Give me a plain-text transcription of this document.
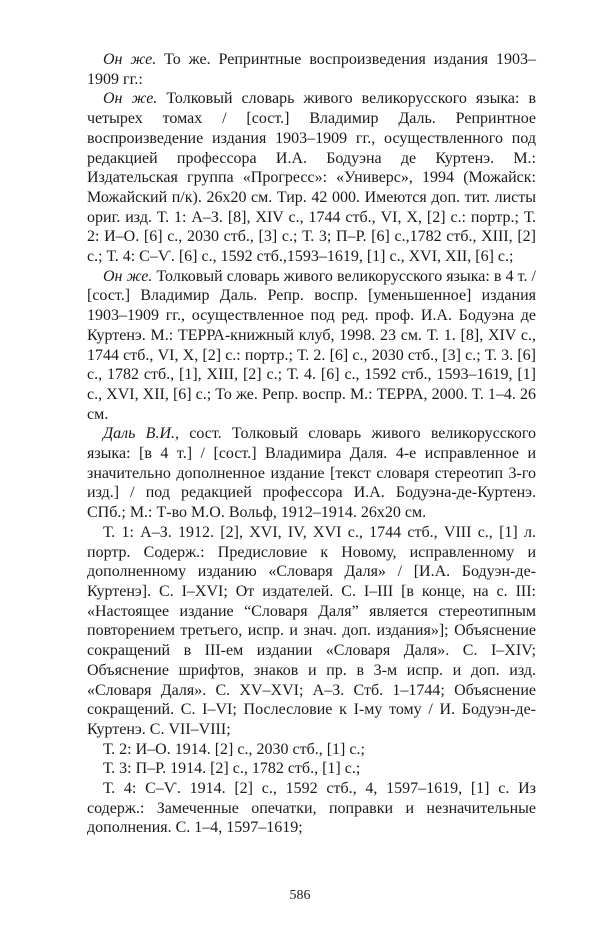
Он же. То же. Репринтные воспроизведения издания 1903–1909 гг.:

Он же. Толковый словарь живого великорусского языка: в четырех томах / [сост.] Владимир Даль. Репринтное воспроизведение издания 1903–1909 гг., осуществленного под редакцией профессора И.А. Бодуэна де Куртенэ. М.: Издательская группа «Прогресс»: «Универс», 1994 (Можайск: Можайский п/к). 26x20 см. Тир. 42 000. Имеются доп. тит. листы ориг. изд. Т. 1: А–З. [8], XIV с., 1744 стб., VI, X, [2] с.: портр.; Т. 2: И–О. [6] с., 2030 стб., [3] с.; Т. 3; П–Р. [6] с.,1782 стб., XIII, [2] с.; Т. 4: С–Ѵ. [6] с., 1592 стб.,1593–1619, [1] с., XVI, XII, [6] с.;

Он же. Толковый словарь живого великорусского языка: в 4 т. / [сост.] Владимир Даль. Репр. воспр. [уменьшенное] издания 1903–1909 гг., осуществленное под ред. проф. И.А. Бодуэна де Куртенэ. М.: ТЕРРА-книжный клуб, 1998. 23 см. Т. 1. [8], XIV с., 1744 стб., VI, X, [2] с.: портр.; Т. 2. [6] с., 2030 стб., [3] с.; Т. 3. [6] с., 1782 стб., [1], XIII, [2] с.; Т. 4. [6] с., 1592 стб., 1593–1619, [1] с., XVI, XII, [6] с.; То же. Репр. воспр. М.: ТЕРРА, 2000. Т. 1–4. 26 см.

Даль В.И., сост. Толковый словарь живого великорусского языка: [в 4 т.] / [сост.] Владимира Даля. 4-е исправленное и значительно дополненное издание [текст словаря стереотип 3-го изд.] / под редакцией профессора И.А. Бодуэна-де-Куртенэ. СПб.; М.: Т-во М.О. Вольф, 1912–1914. 26x20 см.

Т. 1: А–З. 1912. [2], XVI, IV, XVI с., 1744 стб., VIII с., [1] л. портр. Содерж.: Предисловие к Новому, исправленному и дополненному изданию «Словаря Даля» / [И.А. Бодуэн-де-Куртенэ]. С. I–XVI; От издателей. С. I–III [в конце, на с. III: «Настоящее издание “Словаря Даля” является стереотипным повторением третьего, испр. и знач. доп. издания»]; Объяснение сокращений в III-ем издании «Словаря Даля». С. I–XIV; Объяснение шрифтов, знаков и пр. в 3-м испр. и доп. изд. «Словаря Даля». С. XV–XVI; А–З. Стб. 1–1744; Объяснение сокращений. С. I–VI; Послесловие к I-му тому / И. Бодуэн-де-Куртенэ. С. VII–VIII;

Т. 2: И–О. 1914. [2] с., 2030 стб., [1] с.;

Т. 3: П–Р. 1914. [2] с., 1782 стб., [1] с.;

Т. 4: С–Ѵ. 1914. [2] с., 1592 стб., 4, 1597–1619, [1] с. Из содерж.: Замеченные опечатки, поправки и незначительные дополнения. С. 1–4, 1597–1619;

586
